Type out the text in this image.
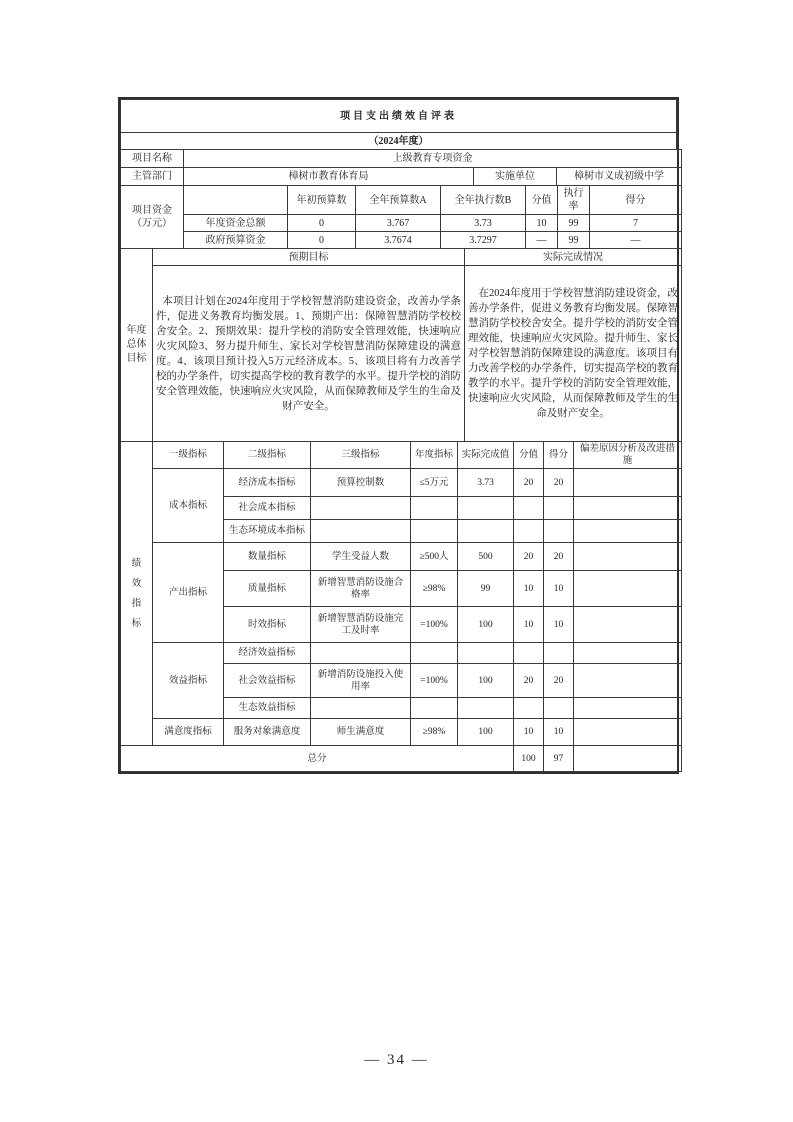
项目支出绩效自评表
（2024年度）
项目名称	上级教育专项资金		
主管部门	樟树市教育体育局	实施单位	樟树市义成初级中学
项目资金（万元）		年初预算数	全年预算数A	全年执行数B	分值	执行率	得分
	年度资金总额	0	3.767	3.73	10	99	7
	政府预算资金	0	3.7674	3.7297	—	99	—
年度总体目标	预期目标	实际完成情况

	本项目计划在2024年度用于学校智慧消防建设资金，改善办学条件，促进义务教育均衡发展。1、预期产出：保障智慧消防学校校舍安全。2、预期效果：提升学校的消防安全管理效能，快速响应火灾风险3、努力提升师生、家长对学校智慧消防保障建设的满意度。4、该项目预计投入5万元经济成本。5、该项目将有力改善学校的办学条件，切实提高学校的教育教学的水平。提升学校的消防安全管理效能，快速响应火灾风险，从而保障教师及学生的生命及财产安全。	在2024年度用于学校智慧消防建设资金，改善办学条件，促进义务教育均衡发展。保障智慧消防学校校舍安全。提升学校的消防安全管理效能，快速响应火灾风险。提升师生、家长对学校智慧消防保障建设的满意度。该项目有力改善学校的办学条件，切实提高学校的教育教学的水平。提升学校的消防安全管理效能，快速响应火灾风险，从而保障教师及学生的生命及财产安全。
绩效指标	一级指标	二级指标	三级指标	年度指标	实际完成值	分值	得分	偏差原因分析及改进措施
	成本指标	经济成本指标	预算控制数	≤5万元	3.73	20	20	
		社会成本指标						
		生态环境成本指标						
	产出指标	数量指标	学生受益人数	≥500人	500	20	20	
		质量指标	新增智慧消防设施合格率	≥98%	99	10	10	
		时效指标	新增智慧消防设施完工及时率	=100%	100	10	10	
	效益指标	经济效益指标						
		社会效益指标	新增消防设施投入使用率	=100%	100	20	20	
		生态效益指标						
	满意度指标	服务对象满意度	师生满意度	≥98%	100	10	10	
总分						100	97	
— 34 —
